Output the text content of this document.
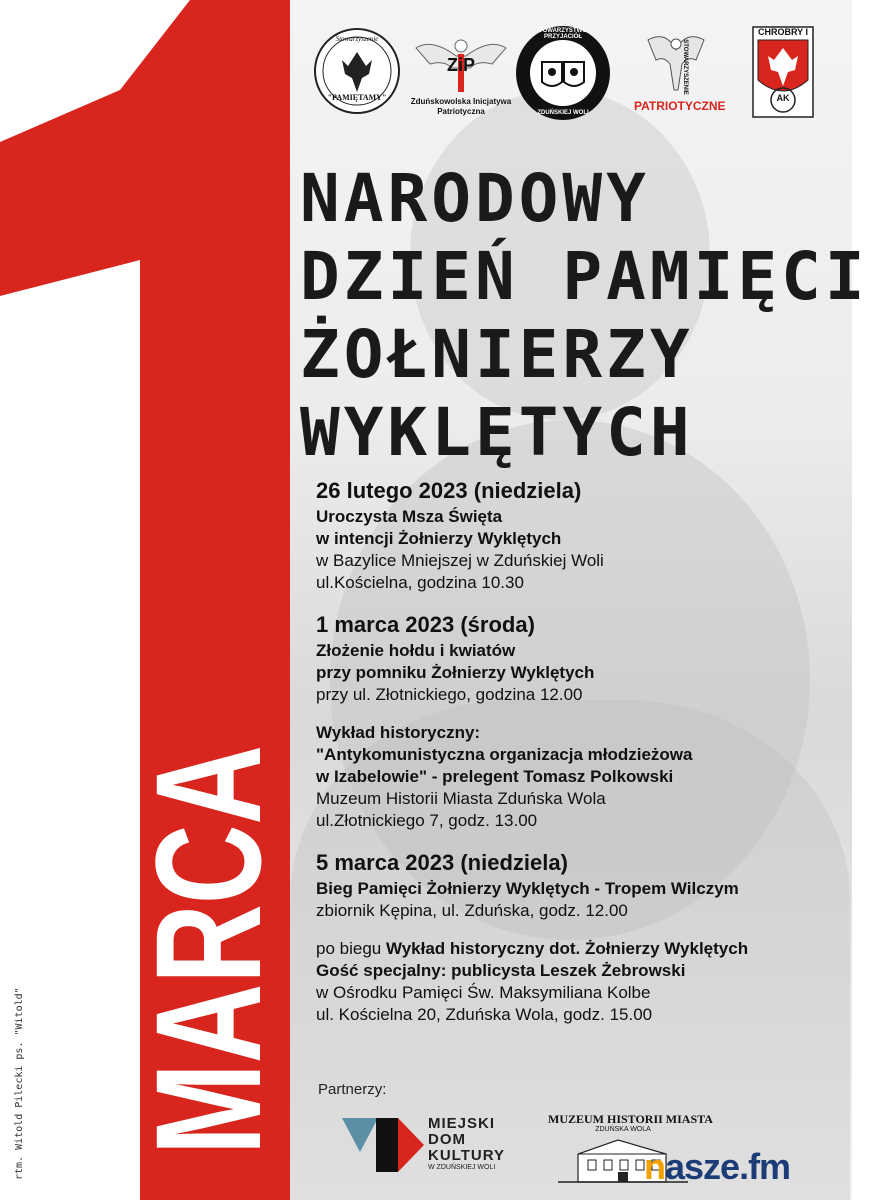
MARCA
rtm. Witold Pilecki ps. "Witold"
Stowarzyszenie
"PAMIĘTAMY"
ZiP
Zduńskowolska Inicjatywa
Patriotyczna
TOWARZYSTWO PRZYJACIÓŁ
ZDUŃSKIEJ WOLI
STOWARZYSZENIE
PATRIOTYCZNE
CHROBRY I
AK
NARODOWY
DZIEŃ PAMIĘCI
ŻOŁNIERZY
WYKLĘTYCH
26 lutego 2023 (niedziela)
Uroczysta Msza Święta
w intencji Żołnierzy Wyklętych
w Bazylice Mniejszej w Zduńskiej Woli
ul.Kościelna, godzina 10.30
1 marca 2023 (środa)
Złożenie hołdu i kwiatów
przy pomniku Żołnierzy Wyklętych
przy ul. Złotnickiego, godzina 12.00
Wykład historyczny:
"Antykomunistyczna organizacja młodzieżowa
w Izabelowie" - prelegent Tomasz Polkowski
Muzeum Historii Miasta Zduńska Wola
ul.Złotnickiego 7, godz. 13.00
5 marca 2023 (niedziela)
Bieg Pamięci Żołnierzy Wyklętych - Tropem Wilczym
zbiornik Kępina, ul. Zduńska, godz. 12.00
po biegu Wykład historyczny dot. Żołnierzy Wyklętych
Gość specjalny: publicysta Leszek Żebrowski
w Ośrodku Pamięci Św. Maksymiliana Kolbe
ul. Kościelna 20, Zduńska Wola, godz. 15.00
Partnerzy:
MIEJSKI
DOM
KULTURY
W ZDUŃSKIEJ WOLI
MUZEUM HISTORII MIASTA
ZDUŃSKA WOLA
nasze.fm
